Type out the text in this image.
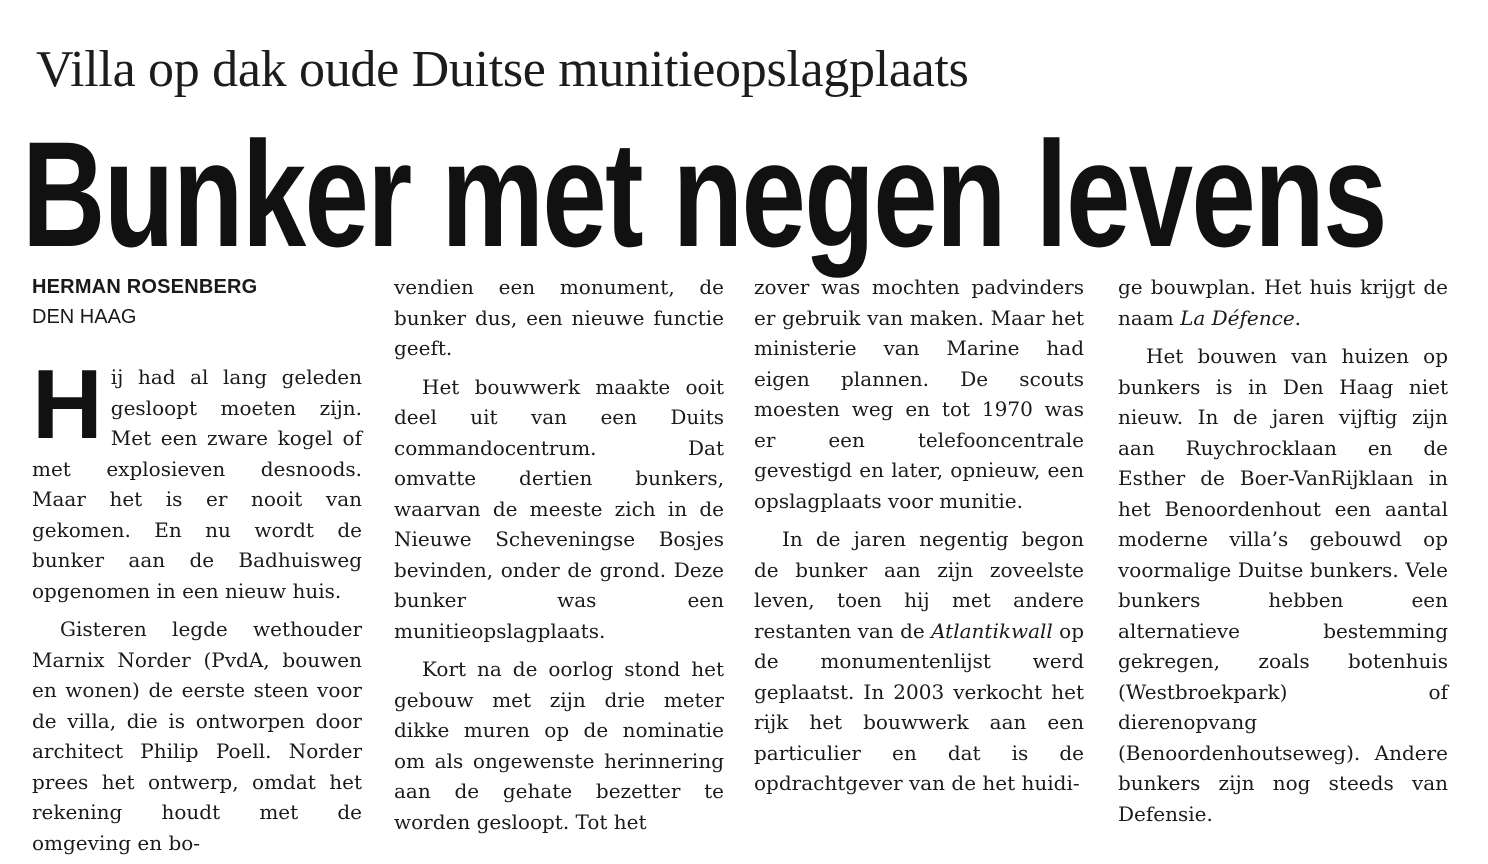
Villa op dak oude Duitse munitieopslagplaats
Bunker met negen levens
HERMAN ROSENBERG
DEN HAAG

Hij had al lang geleden gesloopt moeten zijn. Met een zware kogel of met explosieven desnoods. Maar het is er nooit van gekomen. En nu wordt de bunker aan de Badhuisweg opgenomen in een nieuw huis.

Gisteren legde wethouder Marnix Norder (PvdA, bouwen en wonen) de eerste steen voor de villa, die is ontworpen door architect Philip Poell. Norder prees het ontwerp, omdat het rekening houdt met de omgeving en bo-

vendien een monument, de bunker dus, een nieuwe functie geeft.

Het bouwwerk maakte ooit deel uit van een Duits commandocentrum. Dat omvatte dertien bunkers, waarvan de meeste zich in de Nieuwe Scheveningse Bosjes bevinden, onder de grond. Deze bunker was een munitieopslagplaats.

Kort na de oorlog stond het gebouw met zijn drie meter dikke muren op de nominatie om als ongewenste herinnering aan de gehate bezetter te worden gesloopt. Tot het

zover was mochten padvinders er gebruik van maken. Maar het ministerie van Marine had eigen plannen. De scouts moesten weg en tot 1970 was er een telefooncentrale gevestigd en later, opnieuw, een opslagplaats voor munitie.

In de jaren negentig begon de bunker aan zijn zoveelste leven, toen hij met andere restanten van de Atlantikwall op de monumentenlijst werd geplaatst. In 2003 verkocht het rijk het bouwwerk aan een particulier en dat is de opdrachtgever van de het huidi-

ge bouwplan. Het huis krijgt de naam La Défence.

Het bouwen van huizen op bunkers is in Den Haag niet nieuw. In de jaren vijftig zijn aan Ruychrocklaan en de Esther de Boer-VanRijklaan in het Benoordenhout een aantal moderne villa’s gebouwd op voormalige Duitse bunkers. Vele bunkers hebben een alternatieve bestemming gekregen, zoals botenhuis (Westbroekpark) of dierenopvang (Benoordenhoutseweg). Andere bunkers zijn nog steeds van Defensie.
